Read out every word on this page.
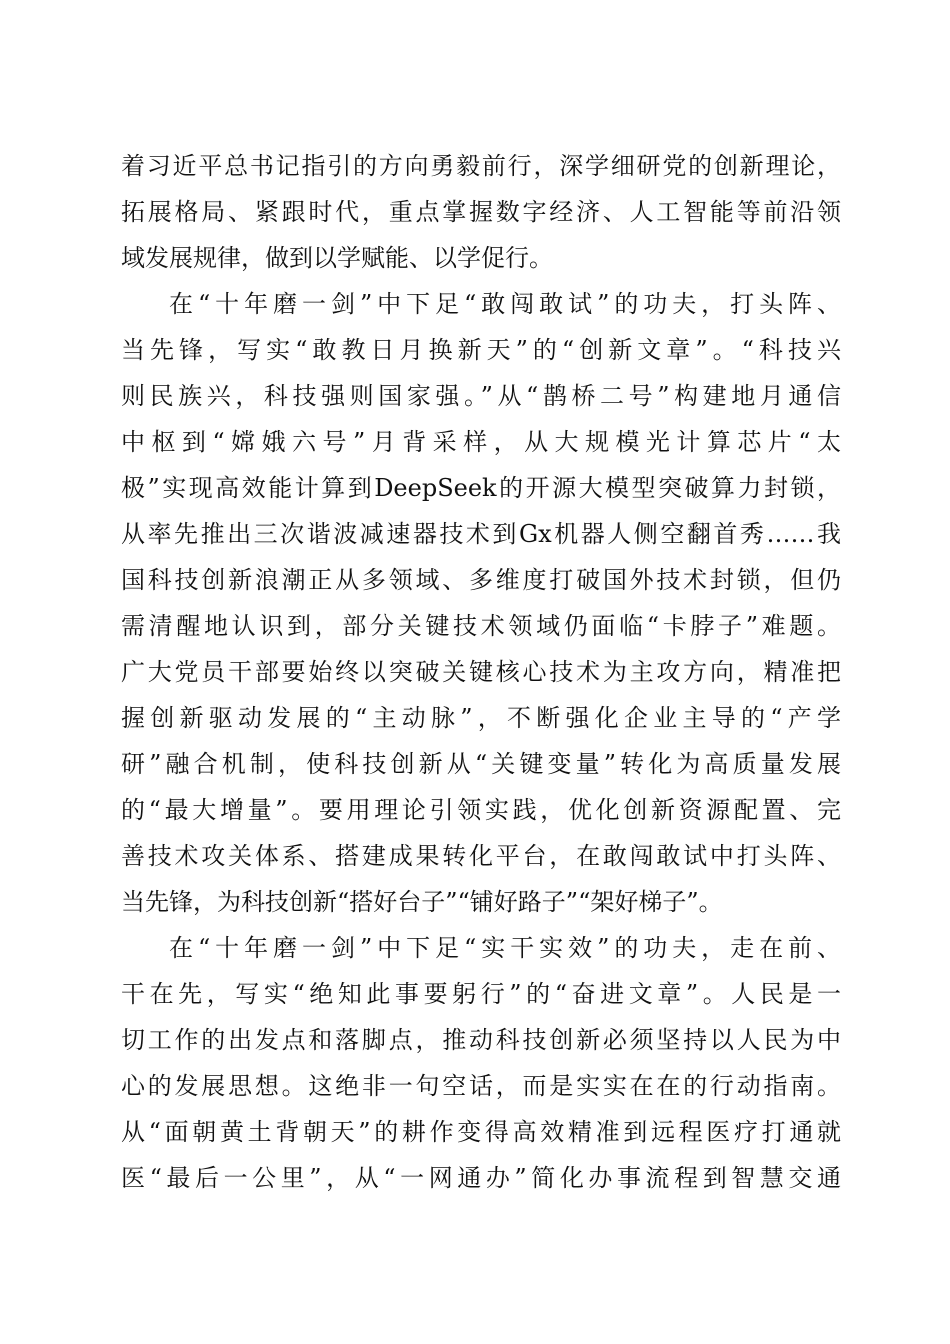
着习近平总书记指引的方向勇毅前行，深学细研党的创新理论，
拓展格局、紧跟时代，重点掌握数字经济、人工智能等前沿领
域发展规律，做到以学赋能、以学促行。
在“十年磨一剑”中下足“敢闯敢试”的功夫，打头阵、
当先锋，写实“敢教日月换新天”的“创新文章”。“科技兴
则民族兴，科技强则国家强。”从“鹊桥二号”构建地月通信
中枢到“嫦娥六号”月背采样，从大规模光计算芯片“太
极”实现高效能计算到DeepSeek的开源大模型突破算力封锁，
从率先推出三次谐波减速器技术到Gx机器人侧空翻首秀……我
国科技创新浪潮正从多领域、多维度打破国外技术封锁，但仍
需清醒地认识到，部分关键技术领域仍面临“卡脖子”难题。
广大党员干部要始终以突破关键核心技术为主攻方向，精准把
握创新驱动发展的“主动脉”，不断强化企业主导的“产学
研”融合机制，使科技创新从“关键变量”转化为高质量发展
的“最大增量”。要用理论引领实践，优化创新资源配置、完
善技术攻关体系、搭建成果转化平台，在敢闯敢试中打头阵、
当先锋，为科技创新“搭好台子”“铺好路子”“架好梯子”。
在“十年磨一剑”中下足“实干实效”的功夫，走在前、
干在先，写实“绝知此事要躬行”的“奋进文章”。人民是一
切工作的出发点和落脚点，推动科技创新必须坚持以人民为中
心的发展思想。这绝非一句空话，而是实实在在的行动指南。
从“面朝黄土背朝天”的耕作变得高效精准到远程医疗打通就
医“最后一公里”，从“一网通办”简化办事流程到智慧交通
